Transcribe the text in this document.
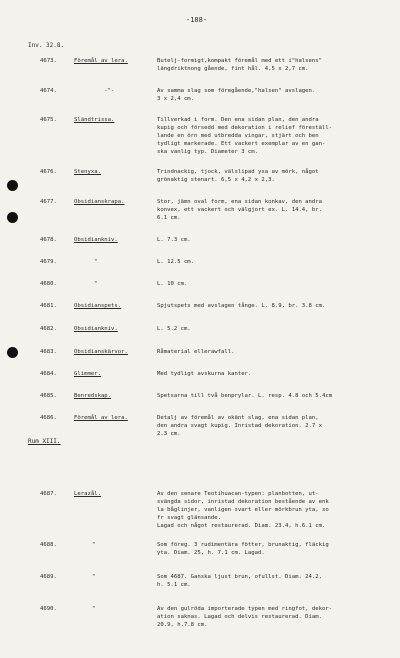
-188-
Inv. 32.8.
Rum XIII.
4673.	Föremål av lera.	Butelj-formigt,kompakt föremål med ett i"halsens"
längdriktnong gående, fint hål. 4,5 x 2,7 cm.
4674.	-"-	Av samma slag som föregående,"halsen" avslagen.
3 x 2,4 cm.
4675.	Sländtrissa.	Tillverkad i form. Den ena sidan plan, den andra
kupig och försedd med dekoration i relief föreställ-
lande en örn med utbredda vingar, stjärt och ben
tydligt markerade. Ett vackert exemplar av en gan-
ska vanlig typ. Diameter 3 cm.
4676.	Stenyxa.	Trindnackig, tjock, välslipad yxa av mörk, något
grönaktig stenart. 6,5 x 4,2 x 2,3.
4677.	Obsidianskrapa.	Stor, jämn oval form, ena sidan konkav, den andra
konvex, ett vackert och välgjort ex. L. 14.4, br.
6.1 cm.
4678.	Obsidiankniv.	L. 7.3 cm.
4679.	"	L. 12.5 cm.
4680.	"	L. 10 cm.
4681.	Obsidianspets.	Spjutspets med avslagen tånge. L. 8.9, br. 3.8 cm.
4682.	Obsidiankniv.	L. 5.2 cm.
4683.	Obsidianskärvor.	Råmaterial ellerawfall.
4684.	Glimmer.	Med tydligt avskurna kanter.
4685.	Benredskap.	Spetsarna till två benprylar. L. resp. 4.8 och 5.4cm
4686.	Föremål av lera.	Detalj av föremål av okänt slag, ena sidan plan,
den andra svagt kupig. Inristad dekoration. 2.7 x
2.3 cm.
4687.	Lerazål.	Av den senare Teotihuacan-typen: planbotten, ut-
svängda sidor, inristad dekoration bestående av enk
la båglinjer, vanligen svart eller mörkbrun yta, so
fr svagt glänsande.
Lagad och något restaurerad. Diam. 23.4, h.6.1 cm.
4688.	"	Som föreg. 3 rudimentära fötter, brunaktig, fläckig
yta. Diam. 25, h. 7.1 cm. Lagad.
4689.	"	Som 4687. Ganska ljust brun, ofullst. Diam. 24.2,
h. 5.1 cm.
4690.	"	Av den gulröda importerade typen med ringfot, dekor-
ation saknas. Lagad och delvis restaurerad. Diam.
20.9, h.7.8 cm.
